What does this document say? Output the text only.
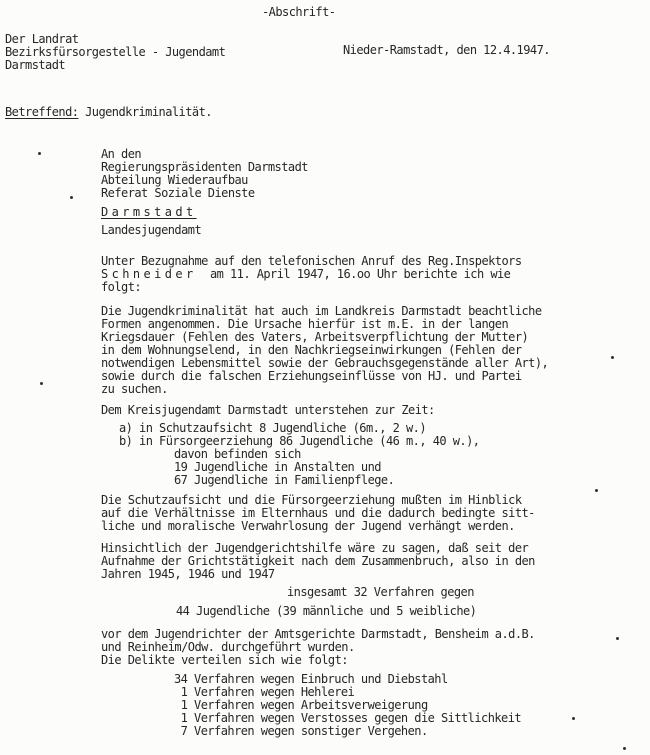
-Abschrift-
Der Landrat
Bezirksfürsorgestelle - Jugendamt
Darmstadt
Nieder-Ramstadt, den 12.4.1947.
Betreffend: Jugendkriminalität.
An den
Regierungspräsidenten Darmstadt
Abteilung Wiederaufbau
Referat Soziale Dienste
Darmstadt
Landesjugendamt
Unter Bezugnahme auf den telefonischen Anruf des Reg.Inspektors
Schneider am 11. April 1947, 16.oo Uhr berichte ich wie
folgt:
Die Jugendkriminalität hat auch im Landkreis Darmstadt beachtliche
Formen angenommen. Die Ursache hierfür ist m.E. in der langen
Kriegsdauer (Fehlen des Vaters, Arbeitsverpflichtung der Mutter)
in dem Wohnungselend, in den Nachkriegseinwirkungen (Fehlen der
notwendigen Lebensmittel sowie der Gebrauchsgegenstände aller Art),
sowie durch die falschen Erziehungseinflüsse von HJ. und Partei
zu suchen.
Dem Kreisjugendamt Darmstadt unterstehen zur Zeit:
a) in Schutzaufsicht 8 Jugendliche (6m., 2 w.)
b) in Fürsorgeerziehung 86 Jugendliche (46 m., 40 w.),
davon befinden sich
19 Jugendliche in Anstalten und
67 Jugendliche in Familienpflege.
Die Schutzaufsicht und die Fürsorgeerziehung mußten im Hinblick
auf die Verhältnisse im Elternhaus und die dadurch bedingte sitt-
liche und moralische Verwahrlosung der Jugend verhängt werden.
Hinsichtlich der Jugendgerichtshilfe wäre zu sagen, daß seit der
Aufnahme der Grichtstätigkeit nach dem Zusammenbruch, also in den
Jahren 1945, 1946 und 1947
insgesamt 32 Verfahren gegen
44 Jugendliche (39 männliche und 5 weibliche)
vor dem Jugendrichter der Amtsgerichte Darmstadt, Bensheim a.d.B.
und Reinheim/Odw. durchgeführt wurden.
Die Delikte verteilen sich wie folgt:
34 Verfahren wegen Einbruch und Diebstahl
1 Verfahren wegen Hehlerei
1 Verfahren wegen Arbeitsverweigerung
1 Verfahren wegen Verstosses gegen die Sittlichkeit
7 Verfahren wegen sonstiger Vergehen.
